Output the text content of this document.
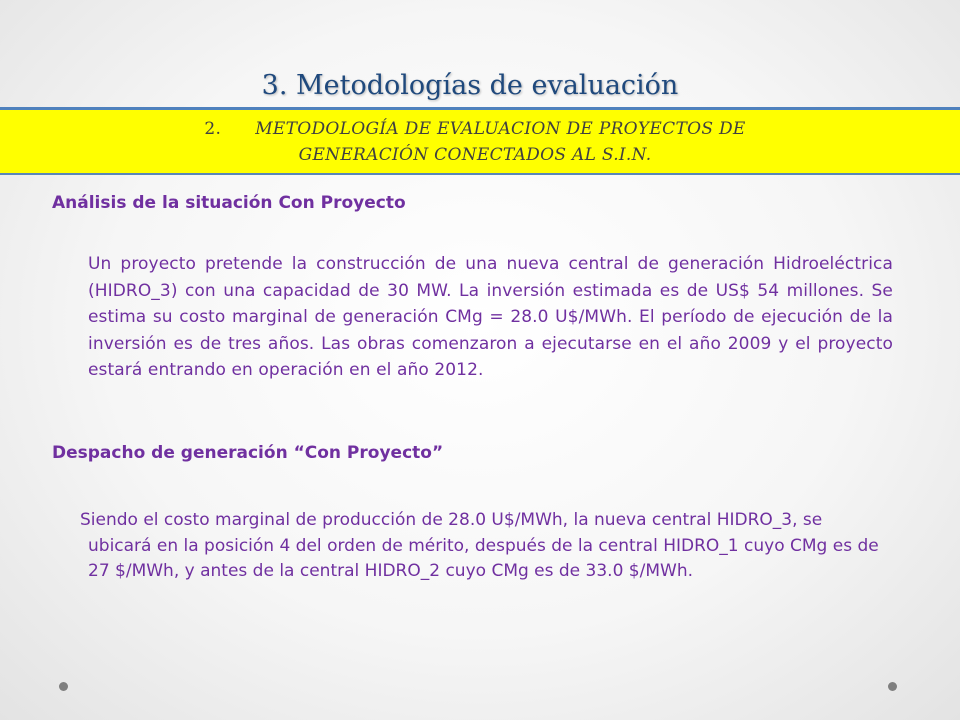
3. Metodologías de evaluación
2. METODOLOGÍA DE EVALUACION DE PROYECTOS DE
GENERACIÓN CONECTADOS AL S.I.N.
Análisis de la situación Con Proyecto

Un proyecto pretende la construcción de una nueva central de generación Hidroeléctrica (HIDRO_3) con una capacidad de 30 MW. La inversión estimada es de US$ 54 millones. Se estima su costo marginal de generación CMg = 28.0 U$/MWh. El período de ejecución de la inversión es de tres años. Las obras comenzaron a ejecutarse en el año 2009 y el proyecto estará entrando en operación en el año 2012.

Despacho de generación “Con Proyecto”

Siendo el costo marginal de producción de 28.0 U$/MWh, la nueva central HIDRO_3, se ubicará en la posición 4 del orden de mérito, después de la central HIDRO_1 cuyo CMg es de 27 $/MWh, y antes de la central HIDRO_2 cuyo CMg es de 33.0 $/MWh.
